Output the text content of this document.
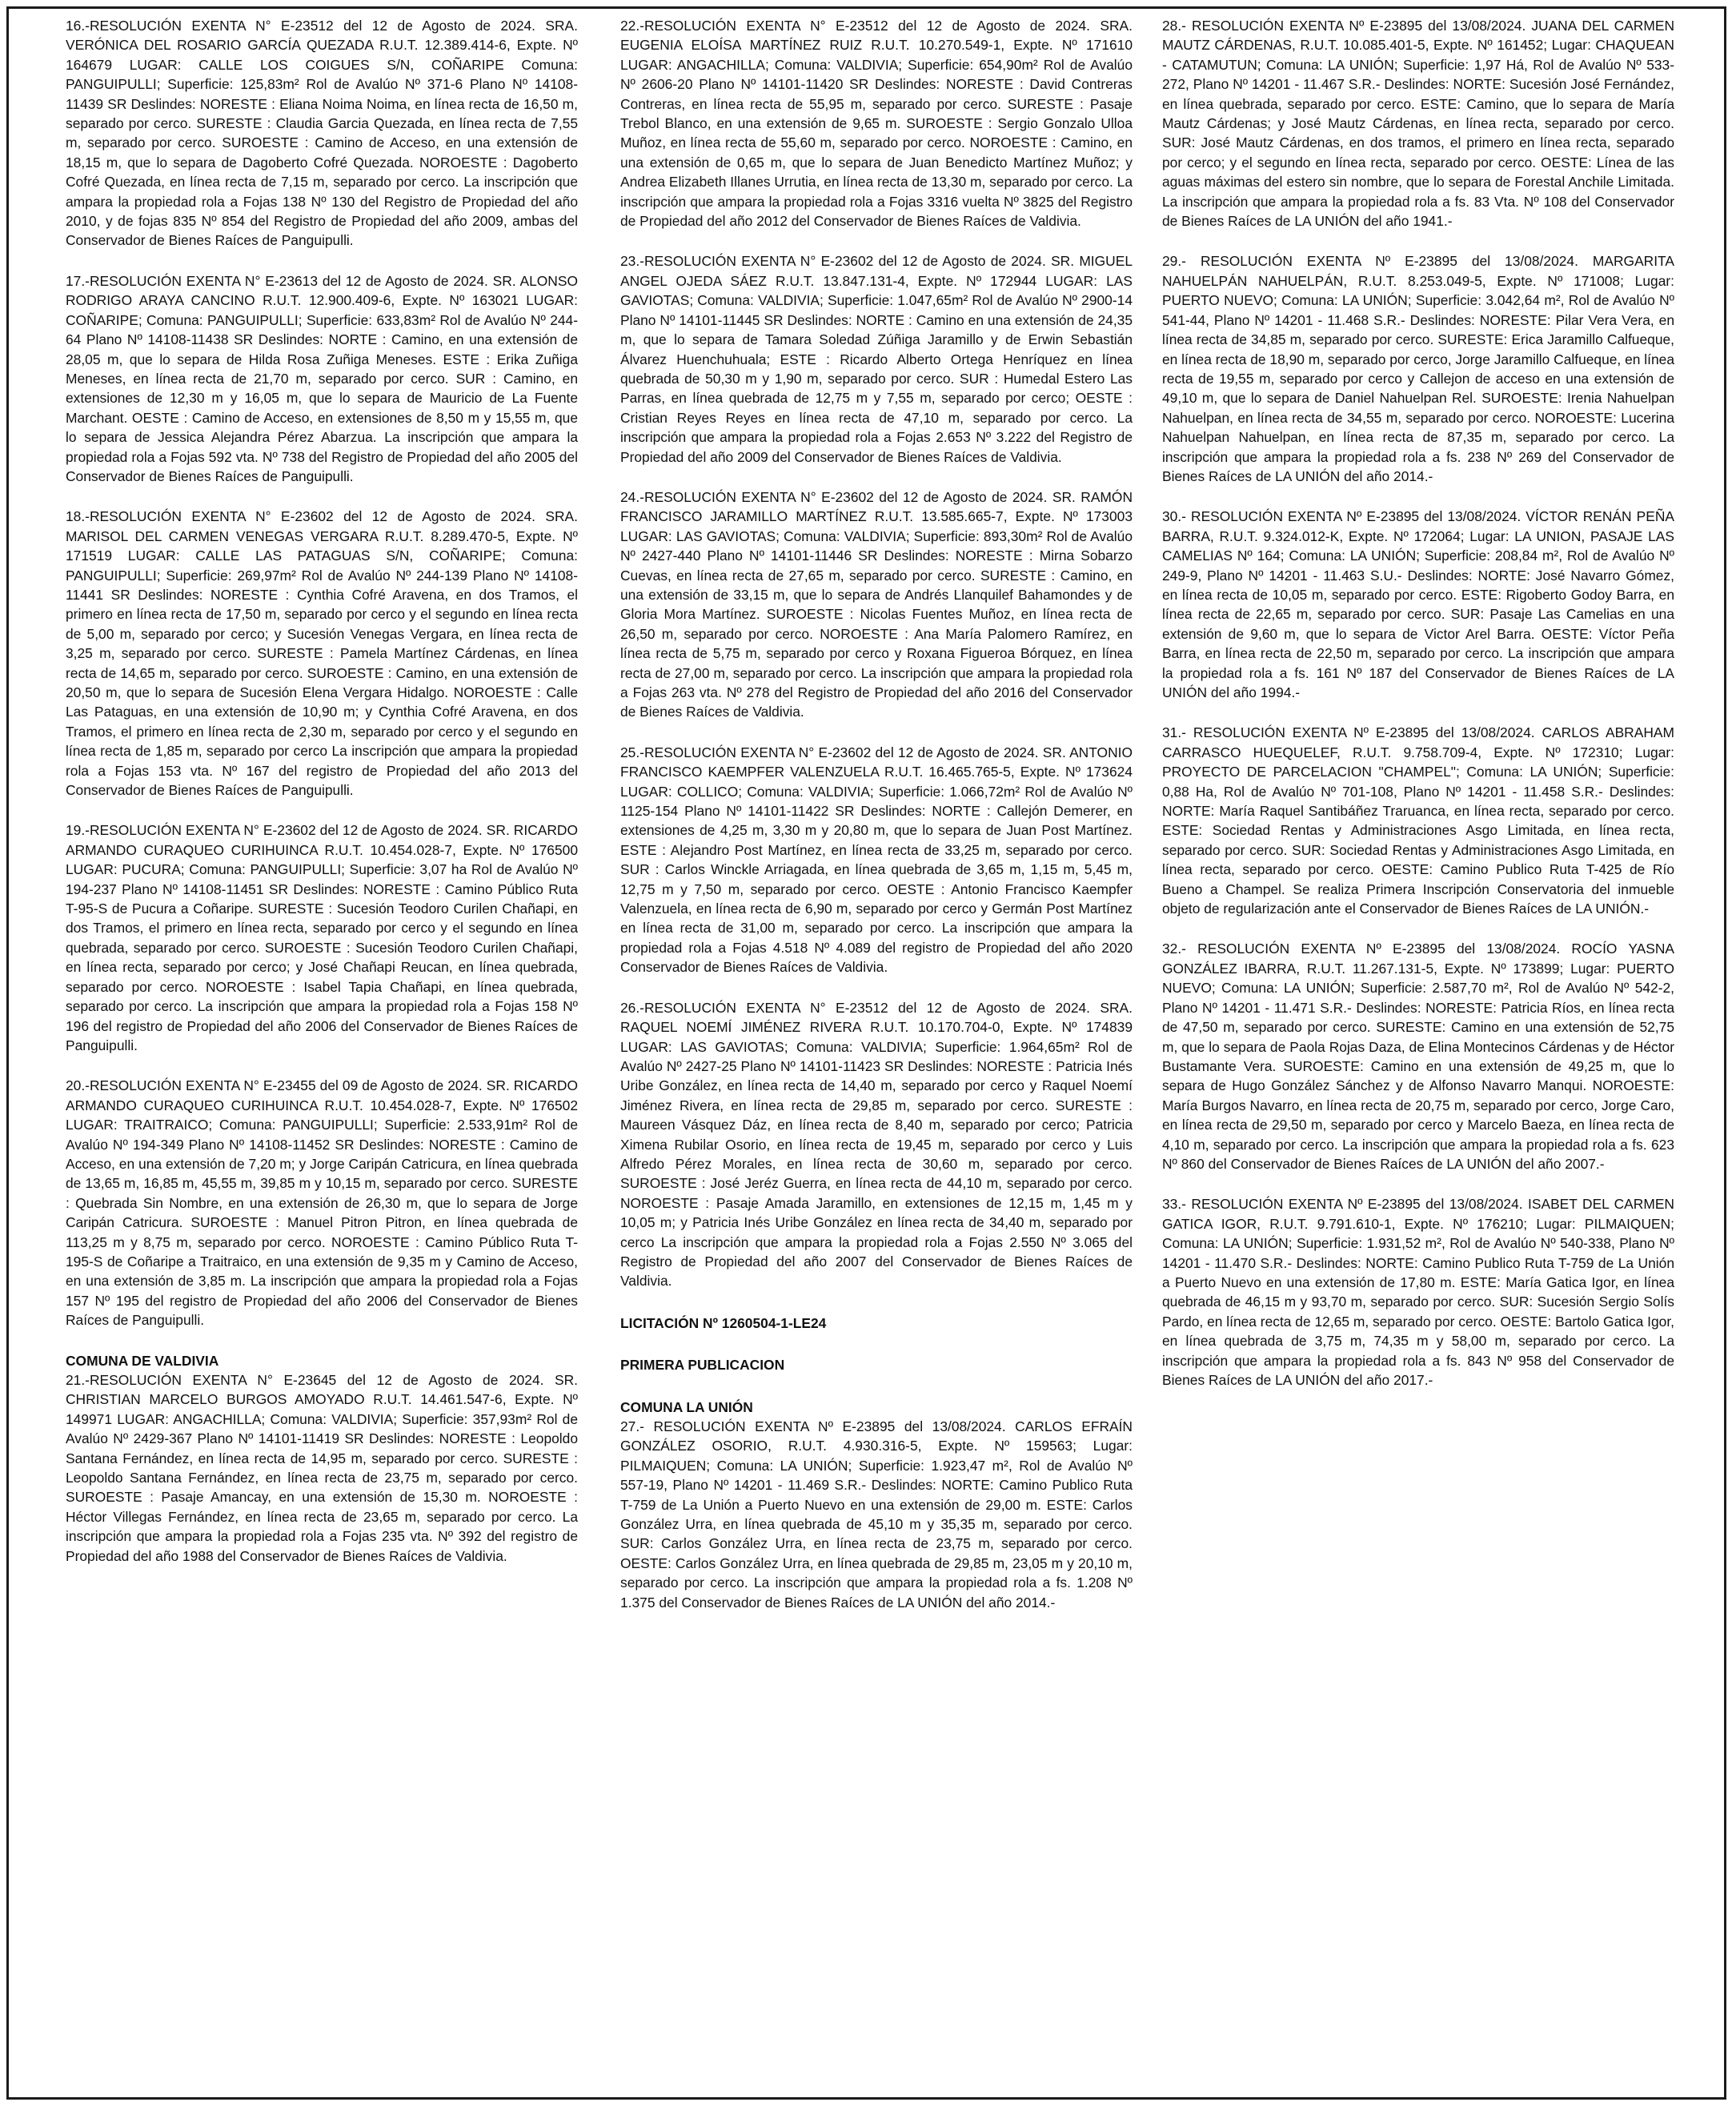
16.-RESOLUCIÓN EXENTA N° E-23512 del 12 de Agosto de 2024. SRA. VERÓNICA DEL ROSARIO GARCÍA QUEZADA R.U.T. 12.389.414-6, Expte. Nº 164679 LUGAR: CALLE LOS COIGUES S/N, COÑARIPE Comuna: PANGUIPULLI; Superficie: 125,83m² Rol de Avalúo Nº 371-6 Plano Nº 14108-11439 SR Deslindes: NORESTE : Eliana Noima Noima, en línea recta de 16,50 m, separado por cerco. SURESTE : Claudia Garcia Quezada, en línea recta de 7,55 m, separado por cerco. SUROESTE : Camino de Acceso, en una extensión de 18,15 m, que lo separa de Dagoberto Cofré Quezada. NOROESTE : Dagoberto Cofré Quezada, en línea recta de 7,15 m, separado por cerco. La inscripción que ampara la propiedad rola a Fojas 138 Nº 130 del Registro de Propiedad del año 2010, y de fojas 835 Nº 854 del Registro de Propiedad del año 2009, ambas del Conservador de Bienes Raíces de Panguipulli.
17.-RESOLUCIÓN EXENTA N° E-23613 del 12 de Agosto de 2024. SR. ALONSO RODRIGO ARAYA CANCINO R.U.T. 12.900.409-6, Expte. Nº 163021 LUGAR: COÑARIPE; Comuna: PANGUIPULLI; Superficie: 633,83m² Rol de Avalúo Nº 244-64 Plano Nº 14108-11438 SR Deslindes: NORTE : Camino, en una extensión de 28,05 m, que lo separa de Hilda Rosa Zuñiga Meneses. ESTE : Erika Zuñiga Meneses, en línea recta de 21,70 m, separado por cerco. SUR : Camino, en extensiones de 12,30 m y 16,05 m, que lo separa de Mauricio de La Fuente Marchant. OESTE : Camino de Acceso, en extensiones de 8,50 m y 15,55 m, que lo separa de Jessica Alejandra Pérez Abarzua. La inscripción que ampara la propiedad rola a Fojas 592 vta. Nº 738 del Registro de Propiedad del año 2005 del Conservador de Bienes Raíces de Panguipulli.
18.-RESOLUCIÓN EXENTA N° E-23602 del 12 de Agosto de 2024. SRA. MARISOL DEL CARMEN VENEGAS VERGARA R.U.T. 8.289.470-5, Expte. Nº 171519 LUGAR: CALLE LAS PATAGUAS S/N, COÑARIPE; Comuna: PANGUIPULLI; Superficie: 269,97m² Rol de Avalúo Nº 244-139 Plano Nº 14108-11441 SR Deslindes: NORESTE : Cynthia Cofré Aravena, en dos Tramos, el primero en línea recta de 17,50 m, separado por cerco y el segundo en línea recta de 5,00 m, separado por cerco; y Sucesión Venegas Vergara, en línea recta de 3,25 m, separado por cerco. SURESTE : Pamela Martínez Cárdenas, en línea recta de 14,65 m, separado por cerco. SUROESTE : Camino, en una extensión de 20,50 m, que lo separa de Sucesión Elena Vergara Hidalgo. NOROESTE : Calle Las Pataguas, en una extensión de 10,90 m; y Cynthia Cofré Aravena, en dos Tramos, el primero en línea recta de 2,30 m, separado por cerco y el segundo en línea recta de 1,85 m, separado por cerco La inscripción que ampara la propiedad rola a Fojas 153 vta. Nº 167 del registro de Propiedad del año 2013 del Conservador de Bienes Raíces de Panguipulli.
19.-RESOLUCIÓN EXENTA N° E-23602 del 12 de Agosto de 2024. SR. RICARDO ARMANDO CURAQUEO CURIHUINCA R.U.T. 10.454.028-7, Expte. Nº 176500 LUGAR: PUCURA; Comuna: PANGUIPULLI; Superficie: 3,07 ha Rol de Avalúo Nº 194-237 Plano Nº 14108-11451 SR Deslindes: NORESTE : Camino Público Ruta T-95-S de Pucura a Coñaripe. SURESTE : Sucesión Teodoro Curilen Chañapi, en dos Tramos, el primero en línea recta, separado por cerco y el segundo en línea quebrada, separado por cerco. SUROESTE : Sucesión Teodoro Curilen Chañapi, en línea recta, separado por cerco; y José Chañapi Reucan, en línea quebrada, separado por cerco. NOROESTE : Isabel Tapia Chañapi, en línea quebrada, separado por cerco. La inscripción que ampara la propiedad rola a Fojas 158 Nº 196 del registro de Propiedad del año 2006 del Conservador de Bienes Raíces de Panguipulli.
20.-RESOLUCIÓN EXENTA N° E-23455 del 09 de Agosto de 2024. SR. RICARDO ARMANDO CURAQUEO CURIHUINCA R.U.T. 10.454.028-7, Expte. Nº 176502 LUGAR: TRAITRAICO; Comuna: PANGUIPULLI; Superficie: 2.533,91m² Rol de Avalúo Nº 194-349 Plano Nº 14108-11452 SR Deslindes: NORESTE : Camino de Acceso, en una extensión de 7,20 m; y Jorge Caripán Catricura, en línea quebrada de 13,65 m, 16,85 m, 45,55 m, 39,85 m y 10,15 m, separado por cerco. SURESTE : Quebrada Sin Nombre, en una extensión de 26,30 m, que lo separa de Jorge Caripán Catricura. SUROESTE : Manuel Pitron Pitron, en línea quebrada de 113,25 m y 8,75 m, separado por cerco. NOROESTE : Camino Público Ruta T-195-S de Coñaripe a Traitraico, en una extensión de 9,35 m y Camino de Acceso, en una extensión de 3,85 m. La inscripción que ampara la propiedad rola a Fojas 157 Nº 195 del registro de Propiedad del año 2006 del Conservador de Bienes Raíces de Panguipulli.
COMUNA DE VALDIVIA
21.-RESOLUCIÓN EXENTA N° E-23645 del 12 de Agosto de 2024. SR. CHRISTIAN MARCELO BURGOS AMOYADO R.U.T. 14.461.547-6, Expte. Nº 149971 LUGAR: ANGACHILLA; Comuna: VALDIVIA; Superficie: 357,93m² Rol de Avalúo Nº 2429-367 Plano Nº 14101-11419 SR Deslindes: NORESTE : Leopoldo Santana Fernández, en línea recta de 14,95 m, separado por cerco. SURESTE : Leopoldo Santana Fernández, en línea recta de 23,75 m, separado por cerco. SUROESTE : Pasaje Amancay, en una extensión de 15,30 m. NOROESTE : Héctor Villegas Fernández, en línea recta de 23,65 m, separado por cerco. La inscripción que ampara la propiedad rola a Fojas 235 vta. Nº 392 del registro de Propiedad del año 1988 del Conservador de Bienes Raíces de Valdivia.
22.-RESOLUCIÓN EXENTA N° E-23512 del 12 de Agosto de 2024. SRA. EUGENIA ELOÍSA MARTÍNEZ RUIZ R.U.T. 10.270.549-1, Expte. Nº 171610 LUGAR: ANGACHILLA; Comuna: VALDIVIA; Superficie: 654,90m² Rol de Avalúo Nº 2606-20 Plano Nº 14101-11420 SR Deslindes: NORESTE : David Contreras Contreras, en línea recta de 55,95 m, separado por cerco. SURESTE : Pasaje Trebol Blanco, en una extensión de 9,65 m. SUROESTE : Sergio Gonzalo Ulloa Muñoz, en línea recta de 55,60 m, separado por cerco. NOROESTE : Camino, en una extensión de 0,65 m, que lo separa de Juan Benedicto Martínez Muñoz; y Andrea Elizabeth Illanes Urrutia, en línea recta de 13,30 m, separado por cerco. La inscripción que ampara la propiedad rola a Fojas 3316 vuelta Nº 3825 del Registro de Propiedad del año 2012 del Conservador de Bienes Raíces de Valdivia.
23.-RESOLUCIÓN EXENTA N° E-23602 del 12 de Agosto de 2024. SR. MIGUEL ANGEL OJEDA SÁEZ R.U.T. 13.847.131-4, Expte. Nº 172944 LUGAR: LAS GAVIOTAS; Comuna: VALDIVIA; Superficie: 1.047,65m² Rol de Avalúo Nº 2900-14 Plano Nº 14101-11445 SR Deslindes: NORTE : Camino en una extensión de 24,35 m, que lo separa de Tamara Soledad Zúñiga Jaramillo y de Erwin Sebastián Álvarez Huenchuhuala; ESTE : Ricardo Alberto Ortega Henríquez en línea quebrada de 50,30 m y 1,90 m, separado por cerco. SUR : Humedal Estero Las Parras, en línea quebrada de 12,75 m y 7,55 m, separado por cerco; OESTE : Cristian Reyes Reyes en línea recta de 47,10 m, separado por cerco. La inscripción que ampara la propiedad rola a Fojas 2.653 Nº 3.222 del Registro de Propiedad del año 2009 del Conservador de Bienes Raíces de Valdivia.
24.-RESOLUCIÓN EXENTA N° E-23602 del 12 de Agosto de 2024. SR. RAMÓN FRANCISCO JARAMILLO MARTÍNEZ R.U.T. 13.585.665-7, Expte. Nº 173003 LUGAR: LAS GAVIOTAS; Comuna: VALDIVIA; Superficie: 893,30m² Rol de Avalúo Nº 2427-440 Plano Nº 14101-11446 SR Deslindes: NORESTE : Mirna Sobarzo Cuevas, en línea recta de 27,65 m, separado por cerco. SURESTE : Camino, en una extensión de 33,15 m, que lo separa de Andrés Llanquilef Bahamondes y de Gloria Mora Martínez. SUROESTE : Nicolas Fuentes Muñoz, en línea recta de 26,50 m, separado por cerco. NOROESTE : Ana María Palomero Ramírez, en línea recta de 5,75 m, separado por cerco y Roxana Figueroa Bórquez, en línea recta de 27,00 m, separado por cerco. La inscripción que ampara la propiedad rola a Fojas 263 vta. Nº 278 del Registro de Propiedad del año 2016 del Conservador de Bienes Raíces de Valdivia.
25.-RESOLUCIÓN EXENTA N° E-23602 del 12 de Agosto de 2024. SR. ANTONIO FRANCISCO KAEMPFER VALENZUELA R.U.T. 16.465.765-5, Expte. Nº 173624 LUGAR: COLLICO; Comuna: VALDIVIA; Superficie: 1.066,72m² Rol de Avalúo Nº 1125-154 Plano Nº 14101-11422 SR Deslindes: NORTE : Callejón Demerer, en extensiones de 4,25 m, 3,30 m y 20,80 m, que lo separa de Juan Post Martínez. ESTE : Alejandro Post Martínez, en línea recta de 33,25 m, separado por cerco. SUR : Carlos Winckle Arriagada, en línea quebrada de 3,65 m, 1,15 m, 5,45 m, 12,75 m y 7,50 m, separado por cerco. OESTE : Antonio Francisco Kaempfer Valenzuela, en línea recta de 6,90 m, separado por cerco y Germán Post Martínez en línea recta de 31,00 m, separado por cerco. La inscripción que ampara la propiedad rola a Fojas 4.518 Nº 4.089 del registro de Propiedad del año 2020 Conservador de Bienes Raíces de Valdivia.
26.-RESOLUCIÓN EXENTA N° E-23512 del 12 de Agosto de 2024. SRA. RAQUEL NOEMÍ JIMÉNEZ RIVERA R.U.T. 10.170.704-0, Expte. Nº 174839 LUGAR: LAS GAVIOTAS; Comuna: VALDIVIA; Superficie: 1.964,65m² Rol de Avalúo Nº 2427-25 Plano Nº 14101-11423 SR Deslindes: NORESTE : Patricia Inés Uribe González, en línea recta de 14,40 m, separado por cerco y Raquel Noemí Jiménez Rivera, en línea recta de 29,85 m, separado por cerco. SURESTE : Maureen Vásquez Dáz, en línea recta de 8,40 m, separado por cerco; Patricia Ximena Rubilar Osorio, en línea recta de 19,45 m, separado por cerco y Luis Alfredo Pérez Morales, en línea recta de 30,60 m, separado por cerco. SUROESTE : José Jeréz Guerra, en línea recta de 44,10 m, separado por cerco. NOROESTE : Pasaje Amada Jaramillo, en extensiones de 12,15 m, 1,45 m y 10,05 m; y Patricia Inés Uribe González en línea recta de 34,40 m, separado por cerco La inscripción que ampara la propiedad rola a Fojas 2.550 Nº 3.065 del Registro de Propiedad del año 2007 del Conservador de Bienes Raíces de Valdivia.
LICITACIÓN Nº 1260504-1-LE24
PRIMERA PUBLICACION
COMUNA LA UNIÓN
27.- RESOLUCIÓN EXENTA Nº E-23895 del 13/08/2024. CARLOS EFRAÍN GONZÁLEZ OSORIO, R.U.T. 4.930.316-5, Expte. Nº 159563; Lugar: PILMAIQUEN; Comuna: LA UNIÓN; Superficie: 1.923,47 m², Rol de Avalúo Nº 557-19, Plano Nº 14201 - 11.469 S.R.- Deslindes: NORTE: Camino Publico Ruta T-759 de La Unión a Puerto Nuevo en una extensión de 29,00 m. ESTE: Carlos González Urra, en línea quebrada de 45,10 m y 35,35 m, separado por cerco. SUR: Carlos González Urra, en línea recta de 23,75 m, separado por cerco. OESTE: Carlos González Urra, en línea quebrada de 29,85 m, 23,05 m y 20,10 m, separado por cerco. La inscripción que ampara la propiedad rola a fs. 1.208 Nº 1.375 del Conservador de Bienes Raíces de LA UNIÓN del año 2014.-
28.- RESOLUCIÓN EXENTA Nº E-23895 del 13/08/2024. JUANA DEL CARMEN MAUTZ CÁRDENAS, R.U.T. 10.085.401-5, Expte. Nº 161452; Lugar: CHAQUEAN - CATAMUTUN; Comuna: LA UNIÓN; Superficie: 1,97 Há, Rol de Avalúo Nº 533-272, Plano Nº 14201 - 11.467 S.R.- Deslindes: NORTE: Sucesión José Fernández, en línea quebrada, separado por cerco. ESTE: Camino, que lo separa de María Mautz Cárdenas; y José Mautz Cárdenas, en línea recta, separado por cerco. SUR: José Mautz Cárdenas, en dos tramos, el primero en línea recta, separado por cerco; y el segundo en línea recta, separado por cerco. OESTE: Línea de las aguas máximas del estero sin nombre, que lo separa de Forestal Anchile Limitada. La inscripción que ampara la propiedad rola a fs. 83 Vta. Nº 108 del Conservador de Bienes Raíces de LA UNIÓN del año 1941.-
29.- RESOLUCIÓN EXENTA Nº E-23895 del 13/08/2024. MARGARITA NAHUELPÁN NAHUELPÁN, R.U.T. 8.253.049-5, Expte. Nº 171008; Lugar: PUERTO NUEVO; Comuna: LA UNIÓN; Superficie: 3.042,64 m², Rol de Avalúo Nº 541-44, Plano Nº 14201 - 11.468 S.R.- Deslindes: NORESTE: Pilar Vera Vera, en línea recta de 34,85 m, separado por cerco. SURESTE: Erica Jaramillo Calfueque, en línea recta de 18,90 m, separado por cerco, Jorge Jaramillo Calfueque, en línea recta de 19,55 m, separado por cerco y Callejon de acceso en una extensión de 49,10 m, que lo separa de Daniel Nahuelpan Rel. SUROESTE: Irenia Nahuelpan Nahuelpan, en línea recta de 34,55 m, separado por cerco. NOROESTE: Lucerina Nahuelpan Nahuelpan, en línea recta de 87,35 m, separado por cerco. La inscripción que ampara la propiedad rola a fs. 238 Nº 269 del Conservador de Bienes Raíces de LA UNIÓN del año 2014.-
30.- RESOLUCIÓN EXENTA Nº E-23895 del 13/08/2024. VÍCTOR RENÁN PEÑA BARRA, R.U.T. 9.324.012-K, Expte. Nº 172064; Lugar: LA UNION, PASAJE LAS CAMELIAS Nº 164; Comuna: LA UNIÓN; Superficie: 208,84 m², Rol de Avalúo Nº 249-9, Plano Nº 14201 - 11.463 S.U.- Deslindes: NORTE: José Navarro Gómez, en línea recta de 10,05 m, separado por cerco. ESTE: Rigoberto Godoy Barra, en línea recta de 22,65 m, separado por cerco. SUR: Pasaje Las Camelias en una extensión de 9,60 m, que lo separa de Victor Arel Barra. OESTE: Víctor Peña Barra, en línea recta de 22,50 m, separado por cerco. La inscripción que ampara la propiedad rola a fs. 161 Nº 187 del Conservador de Bienes Raíces de LA UNIÓN del año 1994.-
31.- RESOLUCIÓN EXENTA Nº E-23895 del 13/08/2024. CARLOS ABRAHAM CARRASCO HUEQUELEF, R.U.T. 9.758.709-4, Expte. Nº 172310; Lugar: PROYECTO DE PARCELACION "CHAMPEL"; Comuna: LA UNIÓN; Superficie: 0,88 Ha, Rol de Avalúo Nº 701-108, Plano Nº 14201 - 11.458 S.R.- Deslindes: NORTE: María Raquel Santibáñez Traruanca, en línea recta, separado por cerco. ESTE: Sociedad Rentas y Administraciones Asgo Limitada, en línea recta, separado por cerco. SUR: Sociedad Rentas y Administraciones Asgo Limitada, en línea recta, separado por cerco. OESTE: Camino Publico Ruta T-425 de Río Bueno a Champel. Se realiza Primera Inscripción Conservatoria del inmueble objeto de regularización ante el Conservador de Bienes Raíces de LA UNIÓN.-
32.- RESOLUCIÓN EXENTA Nº E-23895 del 13/08/2024. ROCÍO YASNA GONZÁLEZ IBARRA, R.U.T. 11.267.131-5, Expte. Nº 173899; Lugar: PUERTO NUEVO; Comuna: LA UNIÓN; Superficie: 2.587,70 m², Rol de Avalúo Nº 542-2, Plano Nº 14201 - 11.471 S.R.- Deslindes: NORESTE: Patricia Ríos, en línea recta de 47,50 m, separado por cerco. SURESTE: Camino en una extensión de 52,75 m, que lo separa de Paola Rojas Daza, de Elina Montecinos Cárdenas y de Héctor Bustamante Vera. SUROESTE: Camino en una extensión de 49,25 m, que lo separa de Hugo González Sánchez y de Alfonso Navarro Manqui. NOROESTE: María Burgos Navarro, en línea recta de 20,75 m, separado por cerco, Jorge Caro, en línea recta de 29,50 m, separado por cerco y Marcelo Baeza, en línea recta de 4,10 m, separado por cerco. La inscripción que ampara la propiedad rola a fs. 623 Nº 860 del Conservador de Bienes Raíces de LA UNIÓN del año 2007.-
33.- RESOLUCIÓN EXENTA Nº E-23895 del 13/08/2024. ISABET DEL CARMEN GATICA IGOR, R.U.T. 9.791.610-1, Expte. Nº 176210; Lugar: PILMAIQUEN; Comuna: LA UNIÓN; Superficie: 1.931,52 m², Rol de Avalúo Nº 540-338, Plano Nº 14201 - 11.470 S.R.- Deslindes: NORTE: Camino Publico Ruta T-759 de La Unión a Puerto Nuevo en una extensión de 17,80 m. ESTE: María Gatica Igor, en línea quebrada de 46,15 m y 93,70 m, separado por cerco. SUR: Sucesión Sergio Solís Pardo, en línea recta de 12,65 m, separado por cerco. OESTE: Bartolo Gatica Igor, en línea quebrada de 3,75 m, 74,35 m y 58,00 m, separado por cerco. La inscripción que ampara la propiedad rola a fs. 843 Nº 958 del Conservador de Bienes Raíces de LA UNIÓN del año 2017.-
